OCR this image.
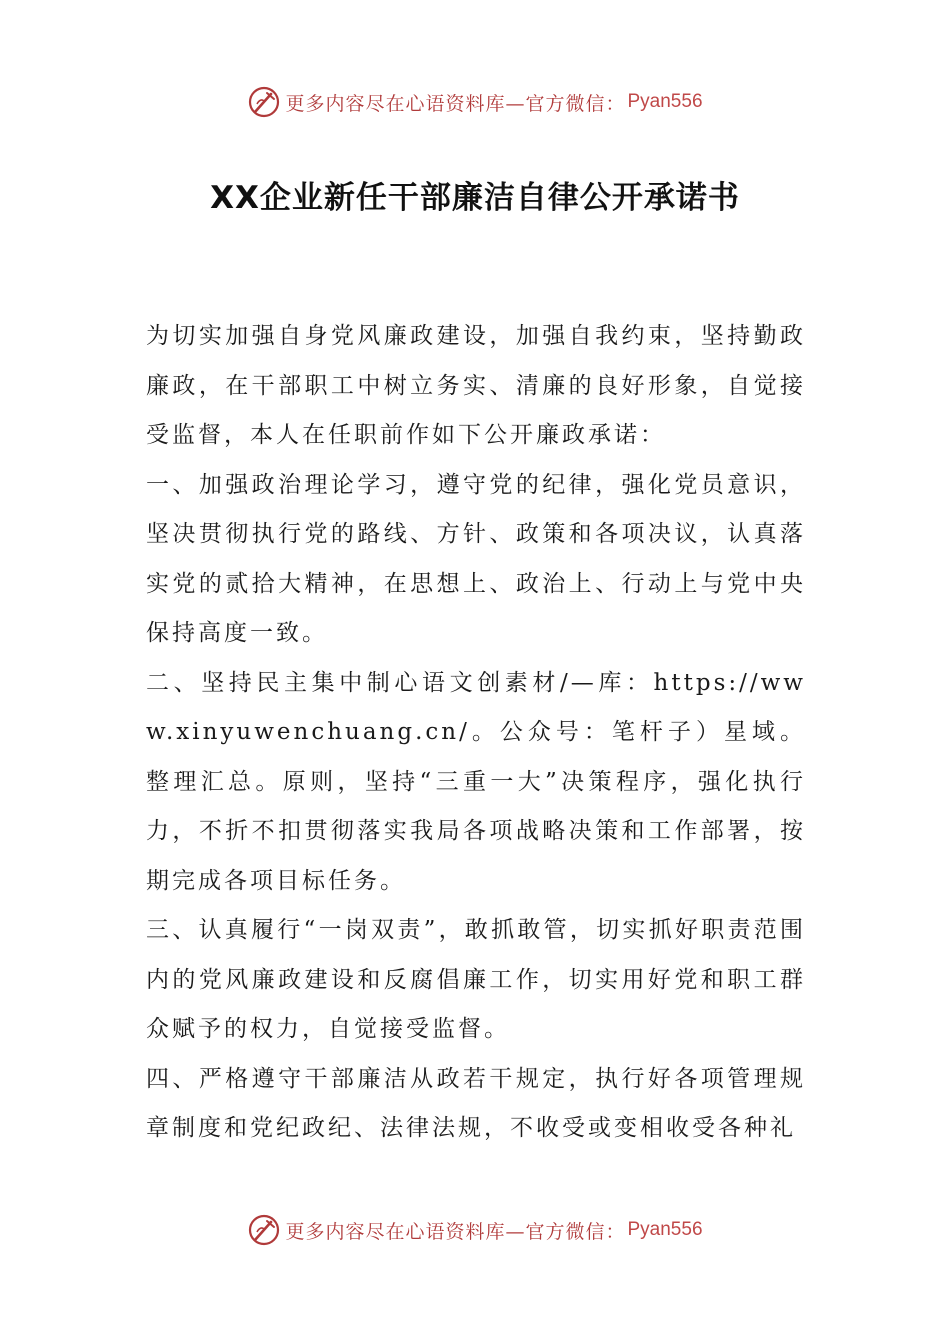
更多内容尽在心语资料库—官方微信： Pyan556
XX企业新任干部廉洁自律公开承诺书

为切实加强自身党风廉政建设，加强自我约束，坚持勤政廉政，在干部职工中树立务实、清廉的良好形象，自觉接受监督，本人在任职前作如下公开廉政承诺：

一、加强政治理论学习，遵守党的纪律，强化党员意识，坚决贯彻执行党的路线、方针、政策和各项决议，认真落实党的贰拾大精神，在思想上、政治上、行动上与党中央保持高度一致。

二、坚持民主集中制心语文创素材/—库：https://www.xinyuwenchuang.cn/。公众号：笔杆子）星域。整理汇总。原则，坚持“三重一大”决策程序，强化执行力，不折不扣贯彻落实我局各项战略决策和工作部署，按期完成各项目标任务。

三、认真履行“一岗双责”，敢抓敢管，切实抓好职责范围内的党风廉政建设和反腐倡廉工作，切实用好党和职工群众赋予的权力，自觉接受监督。

四、严格遵守干部廉洁从政若干规定，执行好各项管理规章制度和党纪政纪、法律法规，不收受或变相收受各种礼

更多内容尽在心语资料库—官方微信： Pyan556
